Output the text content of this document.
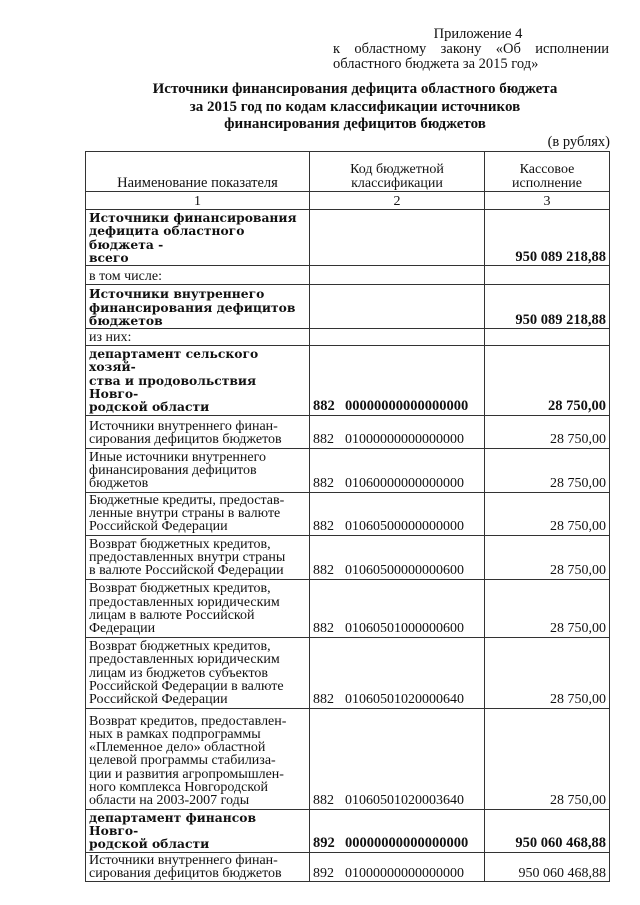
Приложение 4
к областному закону «Об исполнении
областного бюджета за 2015 год»
Источники финансирования дефицита областного бюджета
за 2015 год по кодам классификации источников
финансирования дефицитов бюджетов
(в рублях)
Наименование показателя	Код бюджетной классификации	Кассовое исполнение
1	2	3

Источники финансирования
дефицита областного бюджета -
всего		950 089 218,88

в том числе:		

Источники внутреннего
финансирования дефицитов
бюджетов		950 089 218,88

из них:		

департамент сельского хозяй-
ства и продовольствия Новго-
родской области	882 00000000000000000	28 750,00

Источники внутреннего финан-
сирования дефицитов бюджетов	882 01000000000000000	28 750,00

Иные источники внутреннего
финансирования дефицитов
бюджетов	882 01060000000000000	28 750,00

Бюджетные кредиты, предостав-
ленные внутри страны в валюте
Российской Федерации	882 01060500000000000	28 750,00

Возврат бюджетных кредитов,
предоставленных внутри страны
в валюте Российской Федерации	882 01060500000000600	28 750,00

Возврат бюджетных кредитов,
предоставленных юридическим
лицам в валюте Российской
Федерации	882 01060501000000600	28 750,00

Возврат бюджетных кредитов,
предоставленных юридическим
лицам из бюджетов субъектов
Российской Федерации в валюте
Российской Федерации	882 01060501020000640	28 750,00

Возврат кредитов, предоставлен-
ных в рамках подпрограммы
«Племенное дело» областной
целевой программы стабилиза-
ции и развития агропромышлен-
ного комплекса Новгородской
области на 2003-2007 годы	882 01060501020003640	28 750,00

департамент финансов Новго-
родской области	892 00000000000000000	950 060 468,88

Источники внутреннего финан-
сирования дефицитов бюджетов	892 01000000000000000	950 060 468,88
